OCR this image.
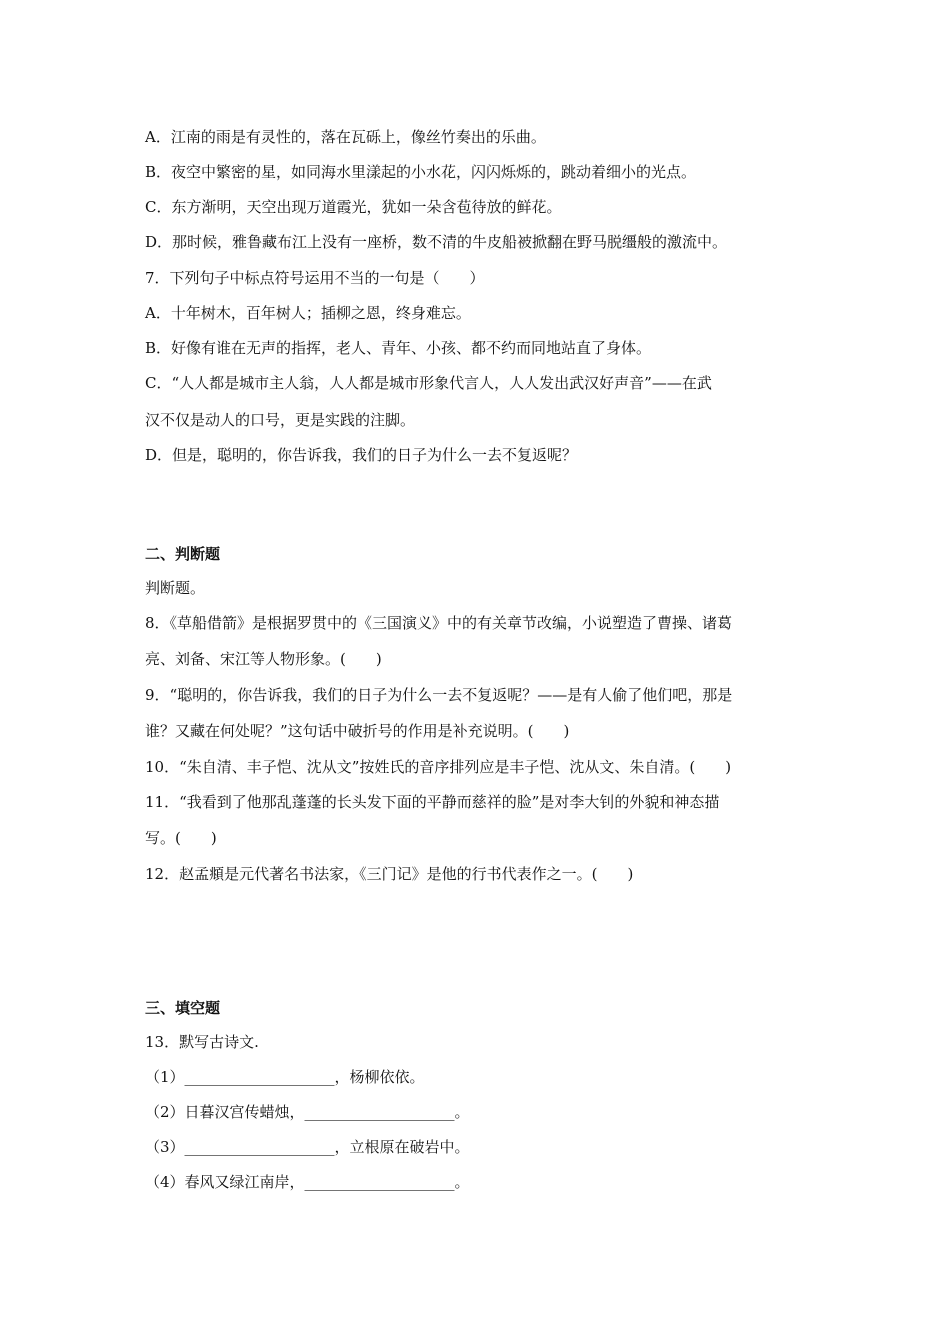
A．江南的雨是有灵性的，落在瓦砾上，像丝竹奏出的乐曲。
B．夜空中繁密的星，如同海水里漾起的小水花，闪闪烁烁的，跳动着细小的光点。
C．东方渐明，天空出现万道霞光，犹如一朵含苞待放的鲜花。
D．那时候，雅鲁藏布江上没有一座桥，数不清的牛皮船被掀翻在野马脱缰般的激流中。
7．下列句子中标点符号运用不当的一句是（　　）
A．十年树木，百年树人；插柳之恩，终身难忘。
B．好像有谁在无声的指挥，老人、青年、小孩、都不约而同地站直了身体。
C．“人人都是城市主人翁，人人都是城市形象代言人，人人发出武汉好声音”——在武
汉不仅是动人的口号，更是实践的注脚。
D．但是，聪明的，你告诉我，我们的日子为什么一去不复返呢？
二、判断题
判断题。
8．《草船借箭》是根据罗贯中的《三国演义》中的有关章节改编，小说塑造了曹操、诸葛
亮、刘备、宋江等人物形象。(　　)
9．“聪明的，你告诉我，我们的日子为什么一去不复返呢？——是有人偷了他们吧，那是
谁？又藏在何处呢？”这句话中破折号的作用是补充说明。(　　)
10．“朱自清、丰子恺、沈从文”按姓氏的音序排列应是丰子恺、沈从文、朱自清。(　　)
11．“我看到了他那乱蓬蓬的长头发下面的平静而慈祥的脸”是对李大钊的外貌和神态描
写。(　　)
12．赵孟頫是元代著名书法家，《三门记》是他的行书代表作之一。(　　)
三、填空题
13．默写古诗文.
（1）____________________，杨柳依依。
（2）日暮汉宫传蜡烛，____________________。
（3）____________________，立根原在破岩中。
（4）春风又绿江南岸，____________________。
